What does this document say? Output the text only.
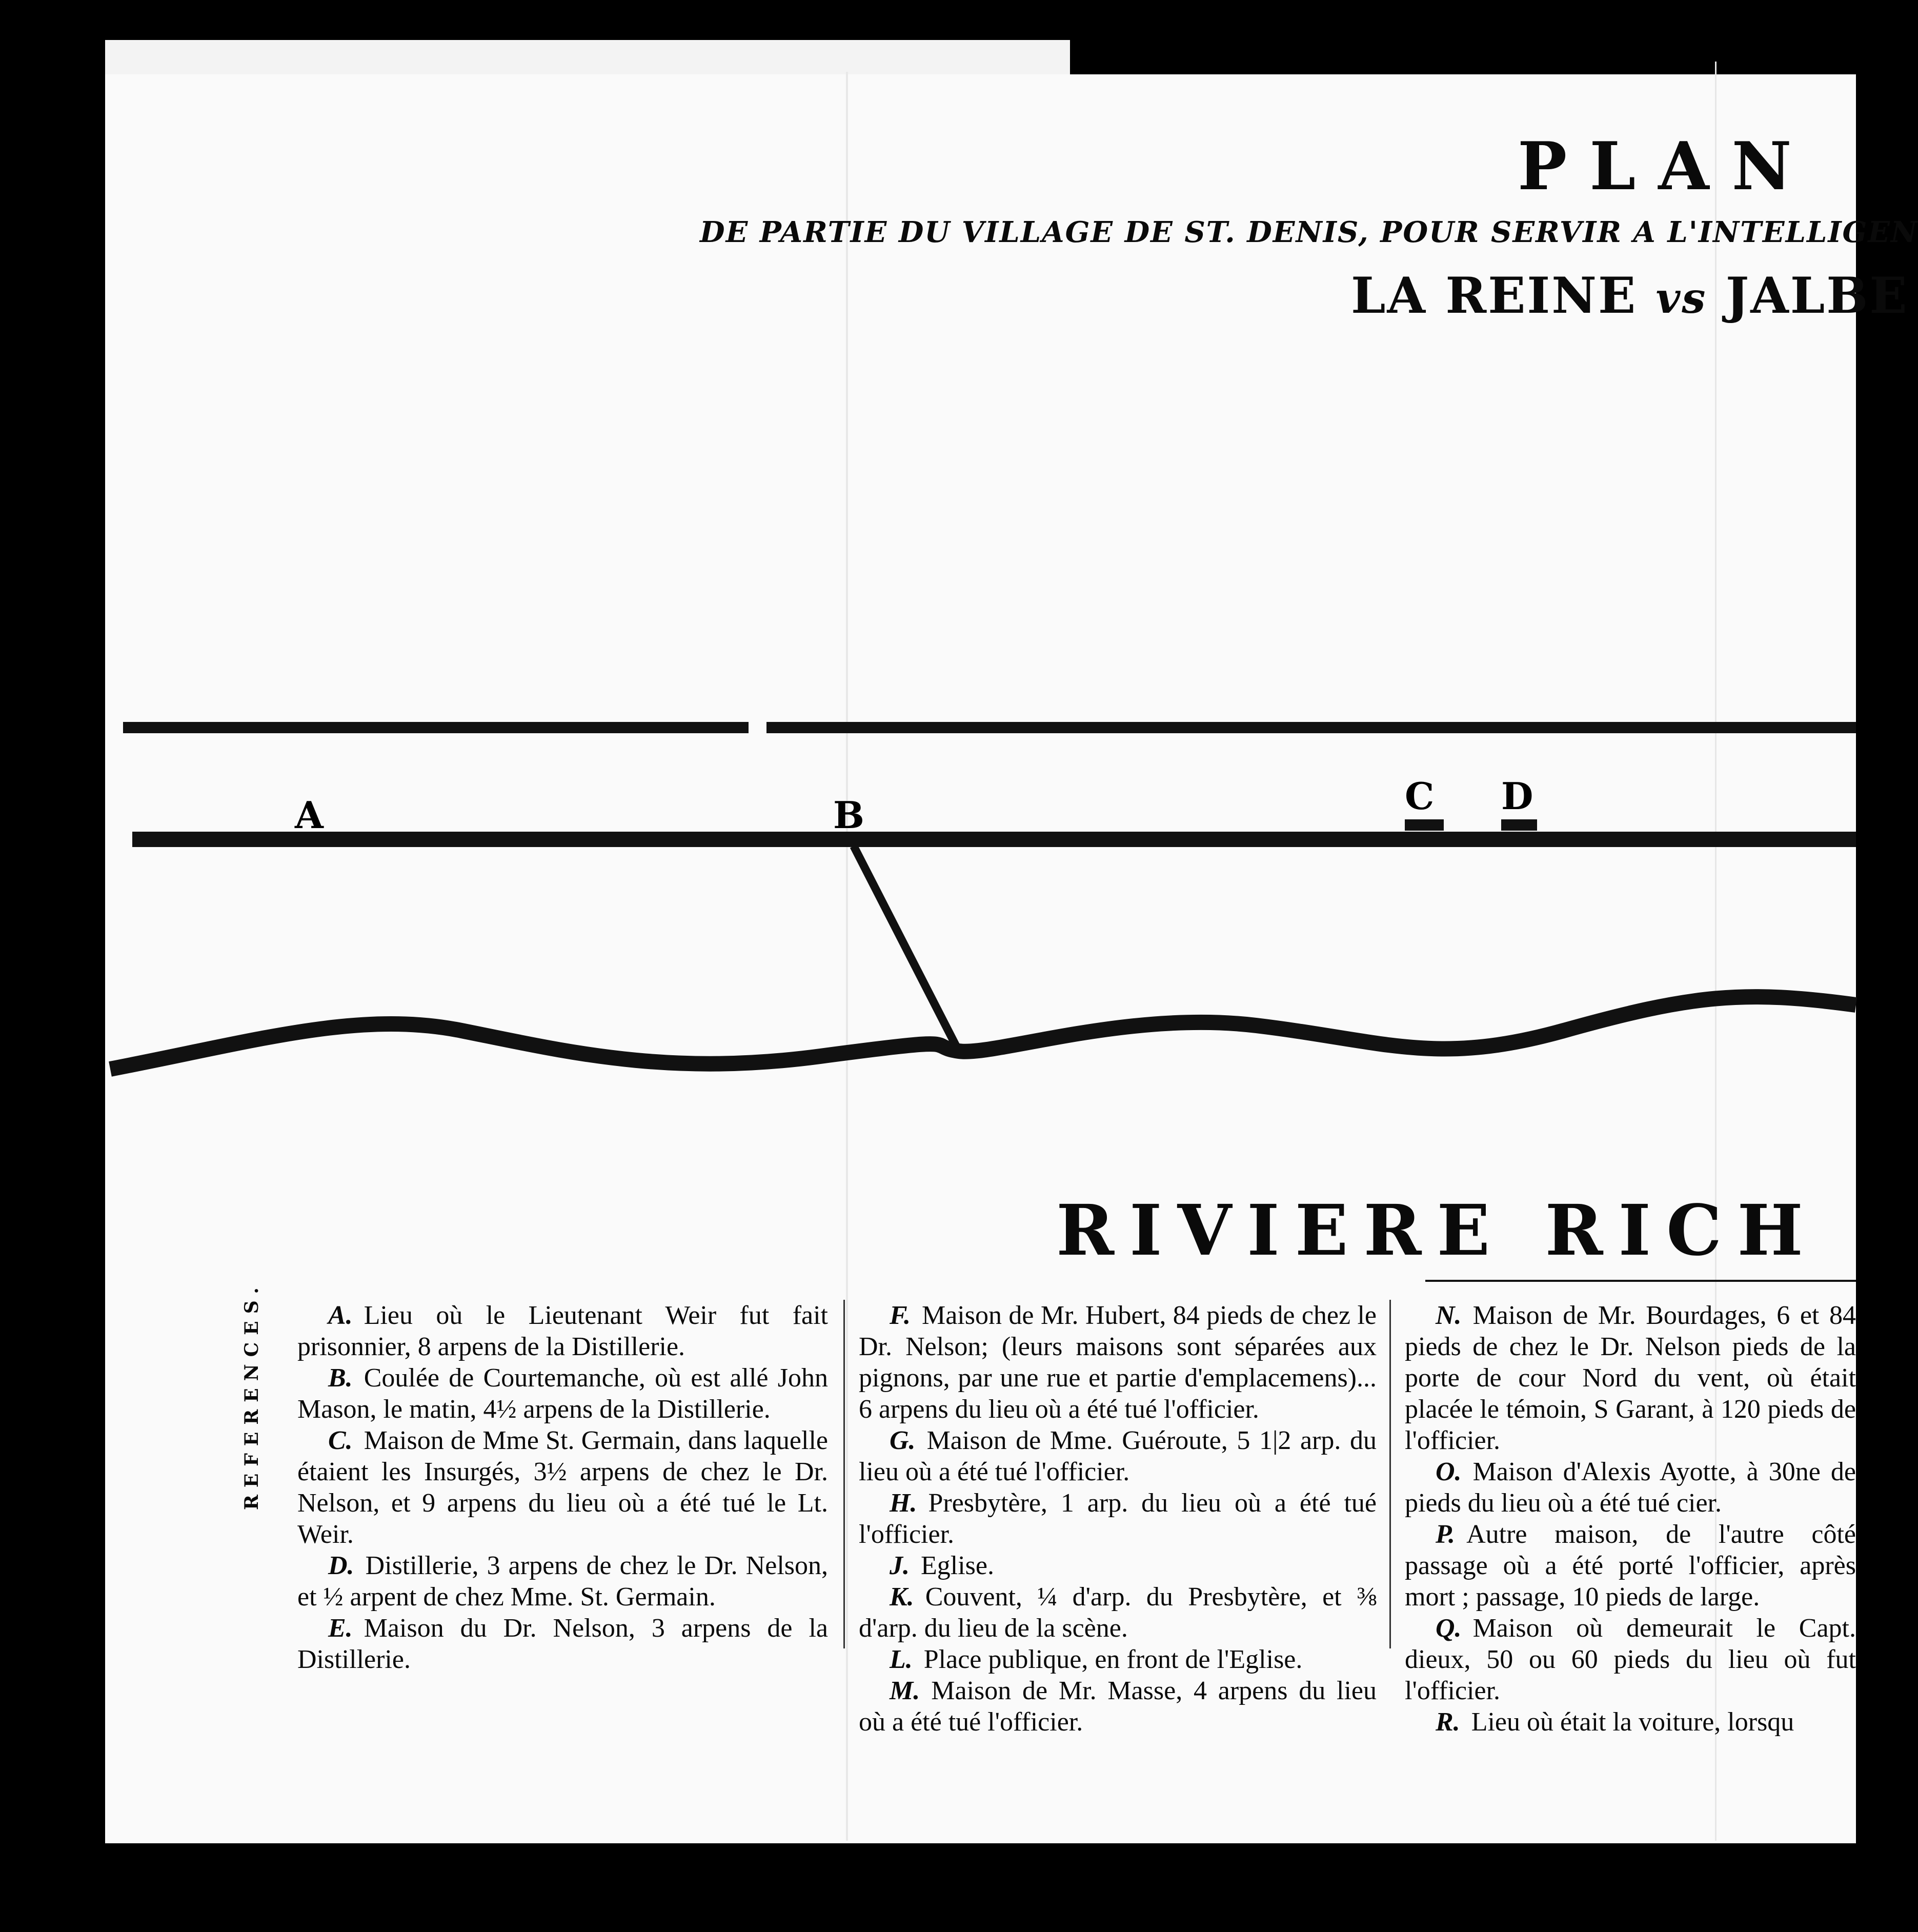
PLAN
DE PARTIE DU VILLAGE DE ST. DENIS, POUR SERVIR A L'INTELLIGEN
LA REINE vs JALBE
A	B	C D
RIVIERE RICH
REFERENCES.	A. Lieu où le Lieutenant Weir fut fait prisonnier, 8 arpens de la Distillerie.

B. Coulée de Courtemanche, où est allé John Mason, le matin, 4½ arpens de la Distillerie.

C. Maison de Mme St. Germain, dans laquelle étaient les Insurgés, 3½ arpens de chez le Dr. Nelson, et 9 arpens du lieu où a été tué le Lt. Weir.

D. Distillerie, 3 arpens de chez le Dr. Nelson, et ½ arpent de chez Mme. St. Germain.

E. Maison du Dr. Nelson, 3 arpens de la Distillerie.

F. Maison de Mr. Hubert, 84 pieds de chez le Dr. Nelson; (leurs maisons sont séparées aux pignons, par une rue et partie d'emplacemens)... 6 arpens du lieu où a été tué l'officier.

G. Maison de Mme. Guéroute, 5 1|2 arp. du lieu où a été tué l'officier.

H. Presbytère, 1 arp. du lieu où a été tué l'officier.

J. Eglise.

K. Couvent, ¼ d'arp. du Presbytère, et ⅜ d'arp. du lieu de la scène.

L. Place publique, en front de l'Eglise.

M. Maison de Mr. Masse, 4 arpens du lieu où a été tué l'officier.

N. Maison de Mr. Bourdages, 6 et 84 pieds de chez le Dr. Nelson pieds de la porte de cour Nord du vent, où était placée le témoin, S Garant, à 120 pieds de l'officier.

O. Maison d'Alexis Ayotte, à 30ne de pieds du lieu où a été tué cier.

P. Autre maison, de l'autre côté passage où a été porté l'officier, après mort ; passage, 10 pieds de large.

Q. Maison où demeurait le Capt. dieux, 50 ou 60 pieds du lieu où fut l'officier.

R. Lieu où était la voiture, lorsqu
